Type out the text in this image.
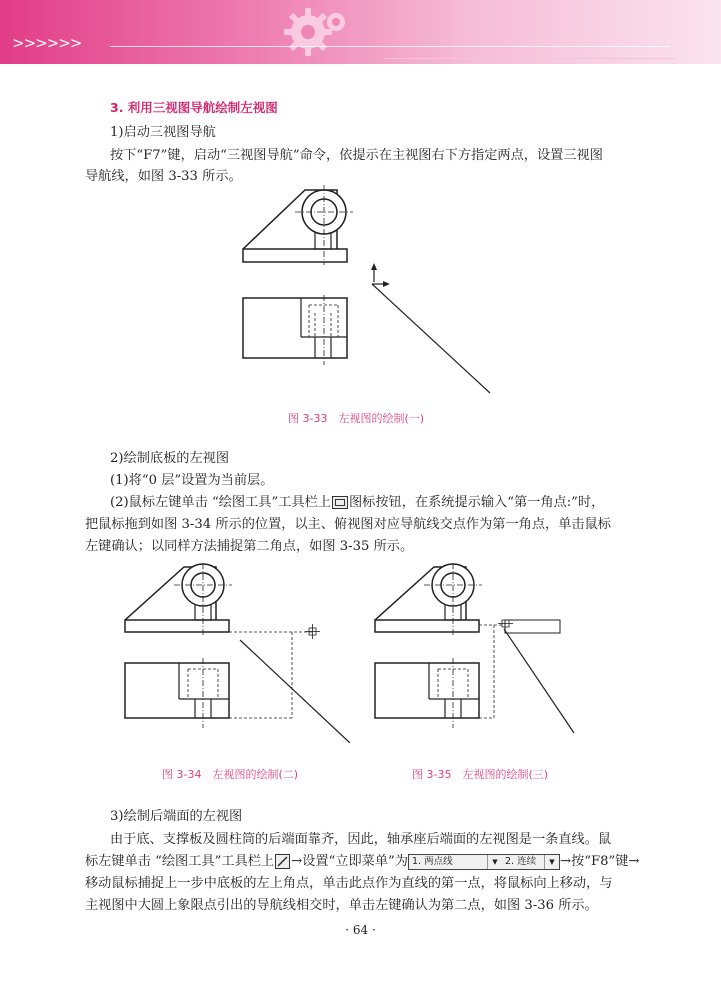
>>>>>>
3. 利用三视图导航绘制左视图
1)启动三视图导航
按下“F7”键，启动“三视图导航”命令，依提示在主视图右下方指定两点，设置三视图
导航线，如图 3-33 所示。
图 3-33　左视图的绘制(一)
2)绘制底板的左视图
(1)将“0 层”设置为当前层。
(2)鼠标左键单击 “绘图工具”工具栏上 图标按钮，在系统提示输入“第一角点:”时，
把鼠标拖到如图 3-34 所示的位置，以主、俯视图对应导航线交点作为第一角点，单击鼠标
左键确认；以同样方法捕捉第二角点，如图 3-35 所示。
图 3-34　左视图的绘制(二)	图 3-35　左视图的绘制(三)
3)绘制后端面的左视图
由于底、支撑板及圆柱筒的后端面靠齐，因此，轴承座后端面的左视图是一条直线。鼠
标左键单击 “绘图工具”工具栏上 →设置“立即菜单”为 1. 两点线	▼ 2. 连续 ▼ →按“F8”键→
移动鼠标捕捉上一步中底板的左上角点，单击此点作为直线的第一点，将鼠标向上移动，与
主视图中大圆上象限点引出的导航线相交时，单击左键确认为第二点，如图 3-36 所示。
· 64 ·
